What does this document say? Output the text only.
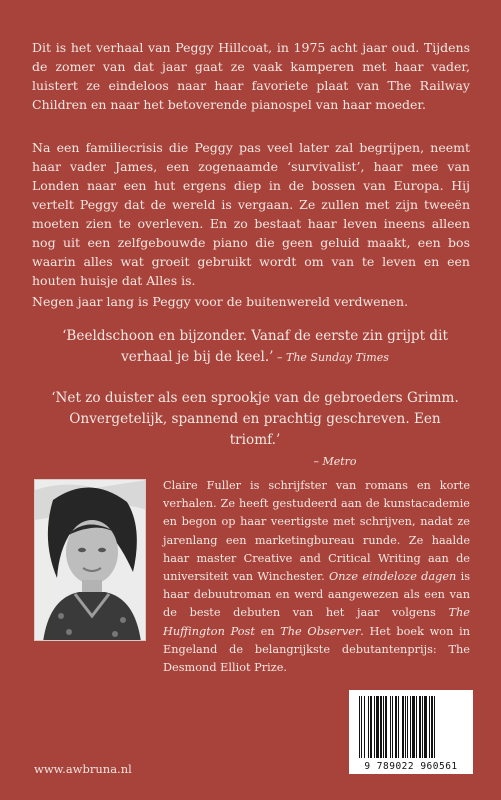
Dit is het verhaal van Peggy Hillcoat, in 1975 acht jaar oud. Tijdens de zomer van dat jaar gaat ze vaak kamperen met haar vader, luistert ze eindeloos naar haar favoriete plaat van The Railway Children en naar het betoverende pianospel van haar moeder.

Na een familiecrisis die Peggy pas veel later zal begrijpen, neemt haar vader James, een zogenaamde ‘survivalist’, haar mee van Londen naar een hut ergens diep in de bossen van Europa. Hij vertelt Peggy dat de wereld is vergaan. Ze zullen met zijn tweeën moeten zien te overleven. En zo bestaat haar leven ineens alleen nog uit een zelfgebouwde piano die geen geluid maakt, een bos waarin alles wat groeit gebruikt wordt om van te leven en een houten huisje dat Alles is.

Negen jaar lang is Peggy voor de buitenwereld verdwenen.

‘Beeldschoon en bijzonder. Vanaf de eerste zin grijpt dit verhaal je bij de keel.’ – The Sunday Times
‘Net zo duister als een sprookje van de gebroeders Grimm. Onvergetelijk, spannend en prachtig geschreven. Een triomf.’
– Metro

Claire Fuller is schrijfster van romans en korte verhalen. Ze heeft gestudeerd aan de kunstacademie en begon op haar veertigste met schrijven, nadat ze jarenlang een marketingbureau runde. Ze haalde haar master Creative and Critical Writing aan de universiteit van Winchester. Onze eindeloze dagen is haar debuutroman en werd aangewezen als een van de beste debuten van het jaar volgens The Huffington Post en The Observer. Het boek won in Engeland de belangrijkste debutantenprijs: The Desmond Elliot Prize.

www.awbruna.nl	9 789022 960561
